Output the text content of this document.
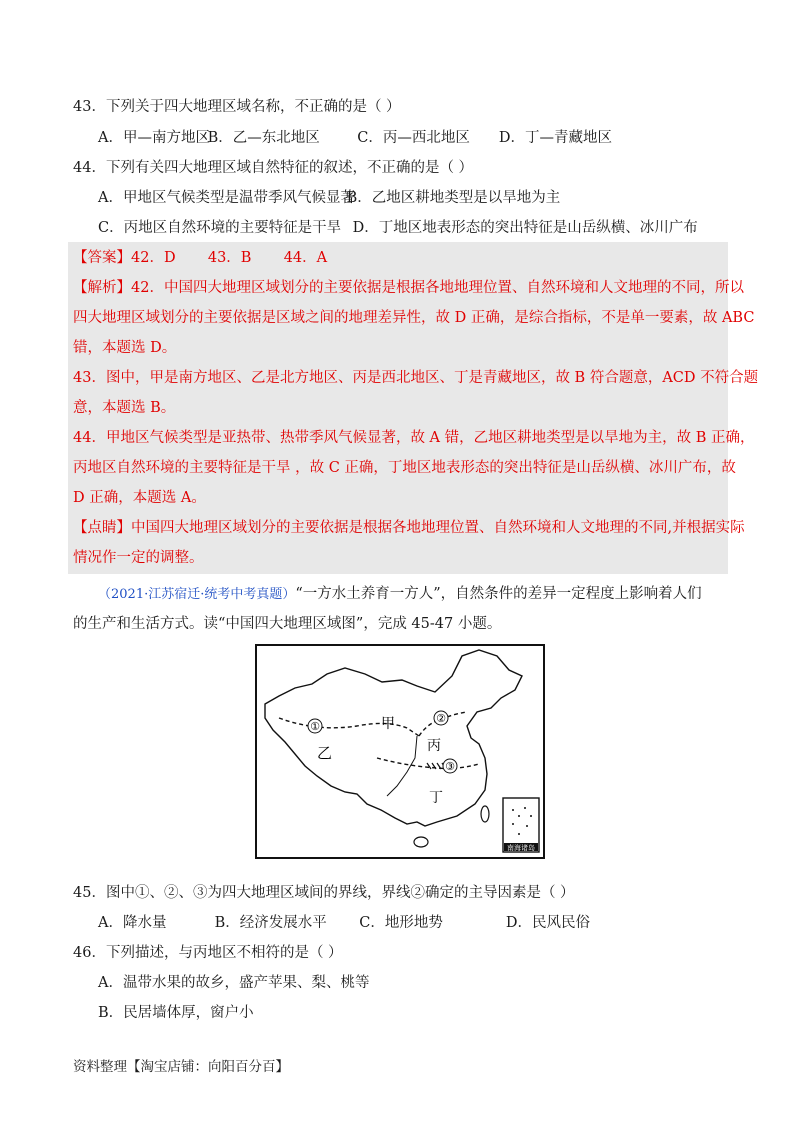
43．下列关于四大地理区域名称，不正确的是（ ）
A．甲—南方地区 B．乙—东北地区	C．丙—西北地区 D．丁—青藏地区
44．下列有关四大地理区域自然特征的叙述，不正确的是（ ）
A．甲地区气候类型是温带季风气候显著 B．乙地区耕地类型是以旱地为主
C．丙地区自然环境的主要特征是干旱 D．丁地区地表形态的突出特征是山岳纵横、冰川广布
【答案】42．D       43．B       44．A
【解析】42．中国四大地理区域划分的主要依据是根据各地地理位置、自然环境和人文地理的不同，所以
四大地理区域划分的主要依据是区域之间的地理差异性，故 D 正确，是综合指标，不是单一要素，故 ABC
错，本题选 D。
43．图中，甲是南方地区、乙是北方地区、丙是西北地区、丁是青藏地区，故 B 符合题意，ACD 不符合题
意，本题选 B。
44．甲地区气候类型是亚热带、热带季风气候显著，故 A 错，乙地区耕地类型是以旱地为主，故 B 正确，
丙地区自然环境的主要特征是干旱 ，故 C 正确，丁地区地表形态的突出特征是山岳纵横、冰川广布，故
D 正确，本题选 A。
【点睛】中国四大地理区域划分的主要依据是根据各地地理位置、自然环境和人文地理的不同,并根据实际
情况作一定的调整。
（2021·江苏宿迁·统考中考真题）“一方水土养育一方人”，自然条件的差异一定程度上影响着人们
的生产和生活方式。读“中国四大地理区域图”，完成 45-47 小题。
①
②
③
甲
乙	丙
丁
南海诸岛
45．图中①、②、③为四大地理区域间的界线，界线②确定的主导因素是（ ）
A．降水量	B．经济发展水平 C．地形地势	D．民风民俗
46．下列描述，与丙地区不相符的是（ ）
A．温带水果的故乡，盛产苹果、梨、桃等
B．民居墙体厚，窗户小
资料整理【淘宝店铺：向阳百分百】
